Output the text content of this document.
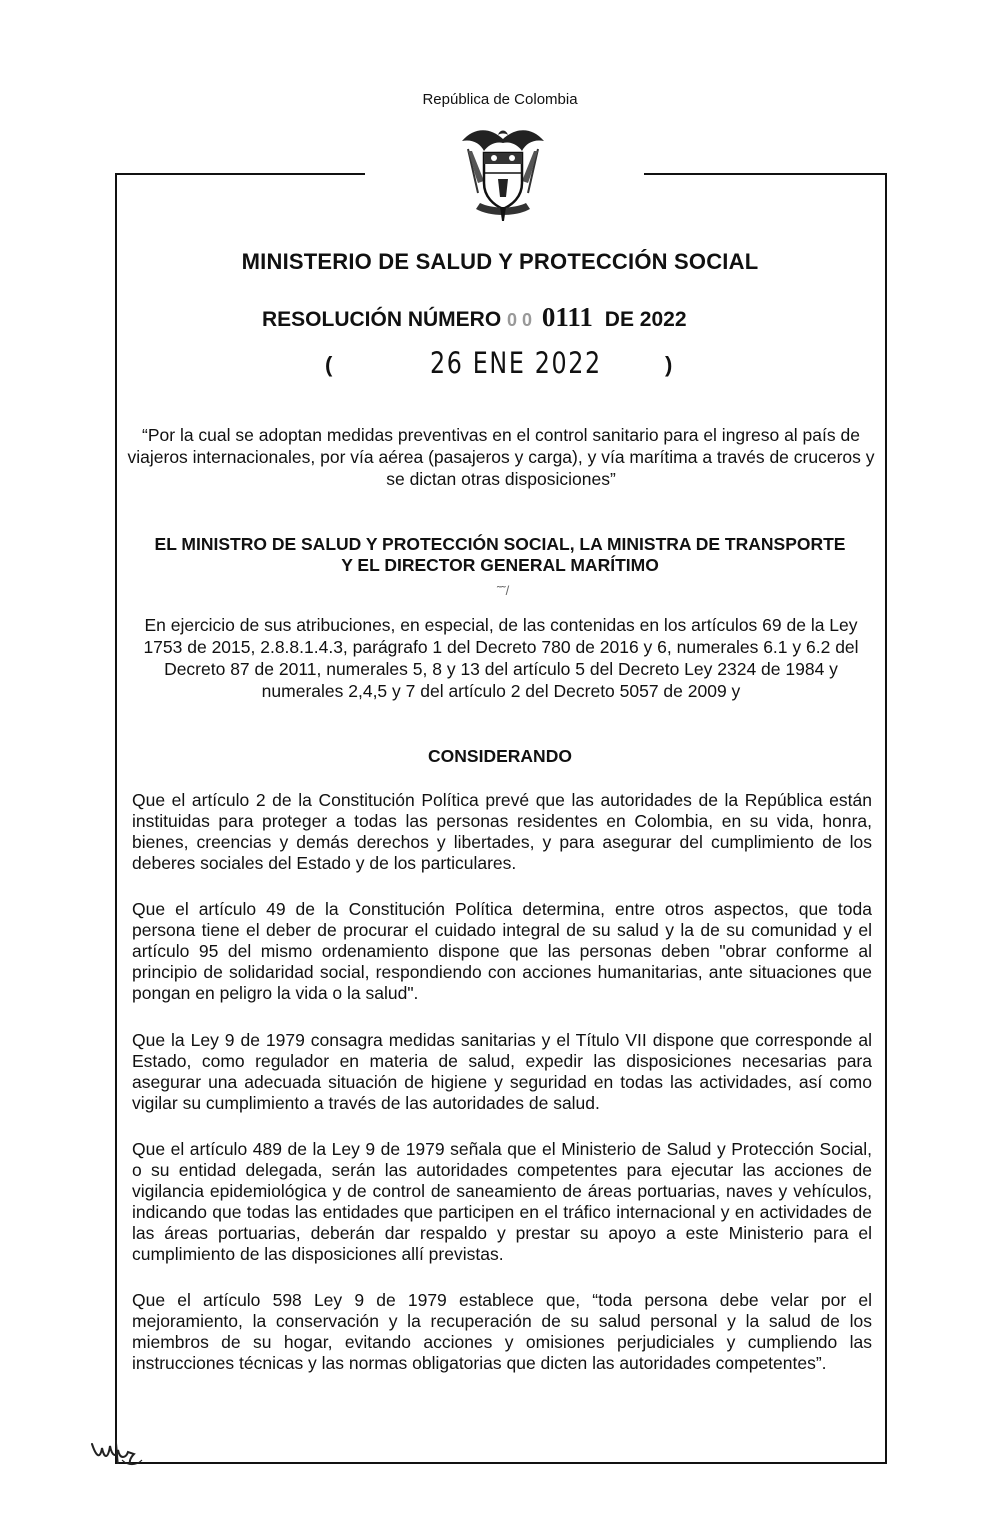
República de Colombia
MINISTERIO DE SALUD Y PROTECCIÓN SOCIAL
RESOLUCIÓN NÚMERO 0 0 0111 DE 2022
(	26 ENE 2022	)
“Por la cual se adoptan medidas preventivas en el control sanitario para el ingreso al país de viajeros internacionales, por vía aérea (pasajeros y carga), y vía marítima a través de cruceros y se dictan otras disposiciones”
EL MINISTRO DE SALUD Y PROTECCIÓN SOCIAL, LA MINISTRA DE TRANSPORTE Y EL DIRECTOR GENERAL MARÍTIMO
˜˜/
En ejercicio de sus atribuciones, en especial, de las contenidas en los artículos 69 de la Ley 1753 de 2015, 2.8.8.1.4.3, parágrafo 1 del Decreto 780 de 2016 y 6, numerales 6.1 y 6.2 del Decreto 87 de 2011, numerales 5, 8 y 13 del artículo 5 del Decreto Ley 2324 de 1984 y numerales 2,4,5 y 7 del artículo 2 del Decreto 5057 de 2009 y
CONSIDERANDO
Que el artículo 2 de la Constitución Política prevé que las autoridades de la República están instituidas para proteger a todas las personas residentes en Colombia, en su vida, honra, bienes, creencias y demás derechos y libertades, y para asegurar del cumplimiento de los deberes sociales del Estado y de los particulares.
Que el artículo 49 de la Constitución Política determina, entre otros aspectos, que toda persona tiene el deber de procurar el cuidado integral de su salud y la de su comunidad y el artículo 95 del mismo ordenamiento dispone que las personas deben "obrar conforme al principio de solidaridad social, respondiendo con acciones humanitarias, ante situaciones que pongan en peligro la vida o la salud".
Que la Ley 9 de 1979 consagra medidas sanitarias y el Título VII dispone que corresponde al Estado, como regulador en materia de salud, expedir las disposiciones necesarias para asegurar una adecuada situación de higiene y seguridad en todas las actividades, así como vigilar su cumplimiento a través de las autoridades de salud.
Que el artículo 489 de la Ley 9 de 1979 señala que el Ministerio de Salud y Protección Social, o su entidad delegada, serán las autoridades competentes para ejecutar las acciones de vigilancia epidemiológica y de control de saneamiento de áreas portuarias, naves y vehículos, indicando que todas las entidades que participen en el tráfico internacional y en actividades de las áreas portuarias, deberán dar respaldo y prestar su apoyo a este Ministerio para el cumplimiento de las disposiciones allí previstas.
Que el artículo 598 Ley 9 de 1979 establece que, “toda persona debe velar por el mejoramiento, la conservación y la recuperación de su salud personal y la salud de los miembros de su hogar, evitando acciones y omisiones perjudiciales y cumpliendo las instrucciones técnicas y las normas obligatorias que dicten las autoridades competentes”.
